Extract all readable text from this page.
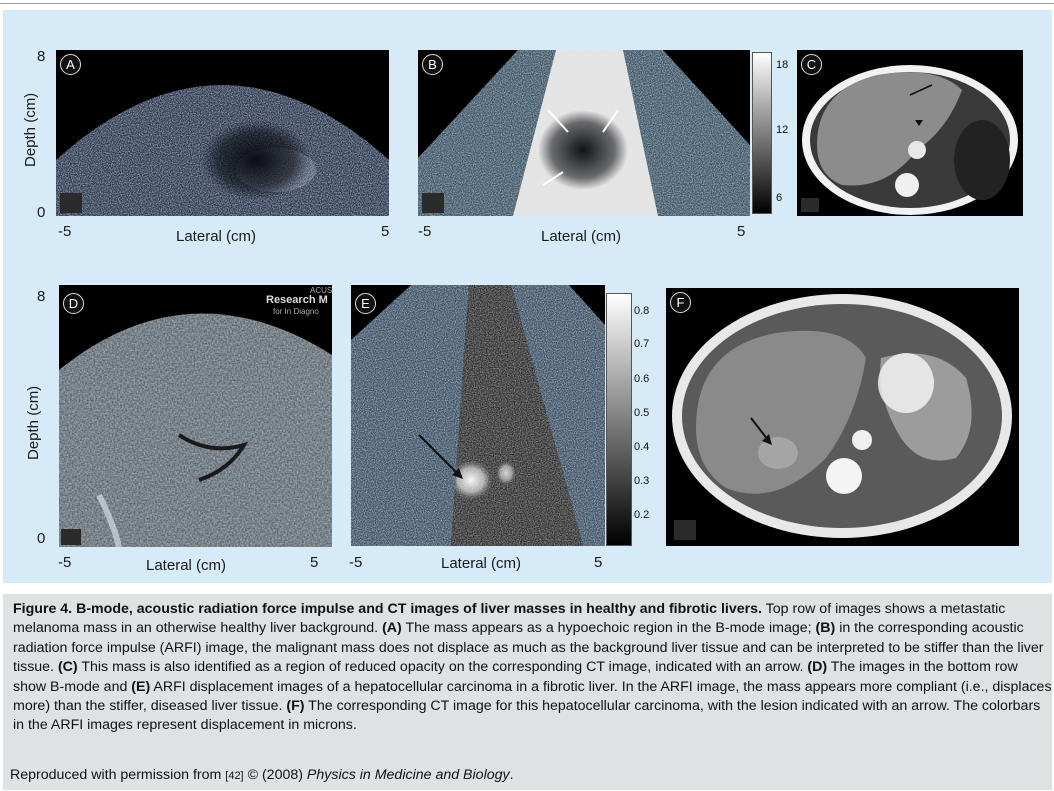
Depth (cm)
8
0
A
-5	Lateral (cm)	5
B	18
12
6
-5	Lateral (cm)	5
C
Depth (cm)
8
0
D
ACUS
Research M
for In Diagno
-5	Lateral (cm)	5
E	0.8
0.7
0.6
0.5
0.4
0.3
0.2
-5	Lateral (cm)	5
F

Figure 4. B-mode, acoustic radiation force impulse and CT images of liver masses in healthy and fibrotic livers. Top row of images shows a metastatic melanoma mass in an otherwise healthy liver background. (A) The mass appears as a hypoechoic region in the B-mode image; (B) in the corresponding acoustic radiation force impulse (ARFI) image, the malignant mass does not displace as much as the background liver tissue and can be interpreted to be stiffer than the liver tissue. (C) This mass is also identified as a region of reduced opacity on the corresponding CT image, indicated with an arrow. (D) The images in the bottom row show B-mode and (E) ARFI displacement images of a hepatocellular carcinoma in a fibrotic liver. In the ARFI image, the mass appears more compliant (i.e., displaces more) than the stiffer, diseased liver tissue. (F) The corresponding CT image for this hepatocellular carcinoma, with the lesion indicated with an arrow. The colorbars in the ARFI images represent displacement in microns.

Reproduced with permission from [42] © (2008) Physics in Medicine and Biology.
